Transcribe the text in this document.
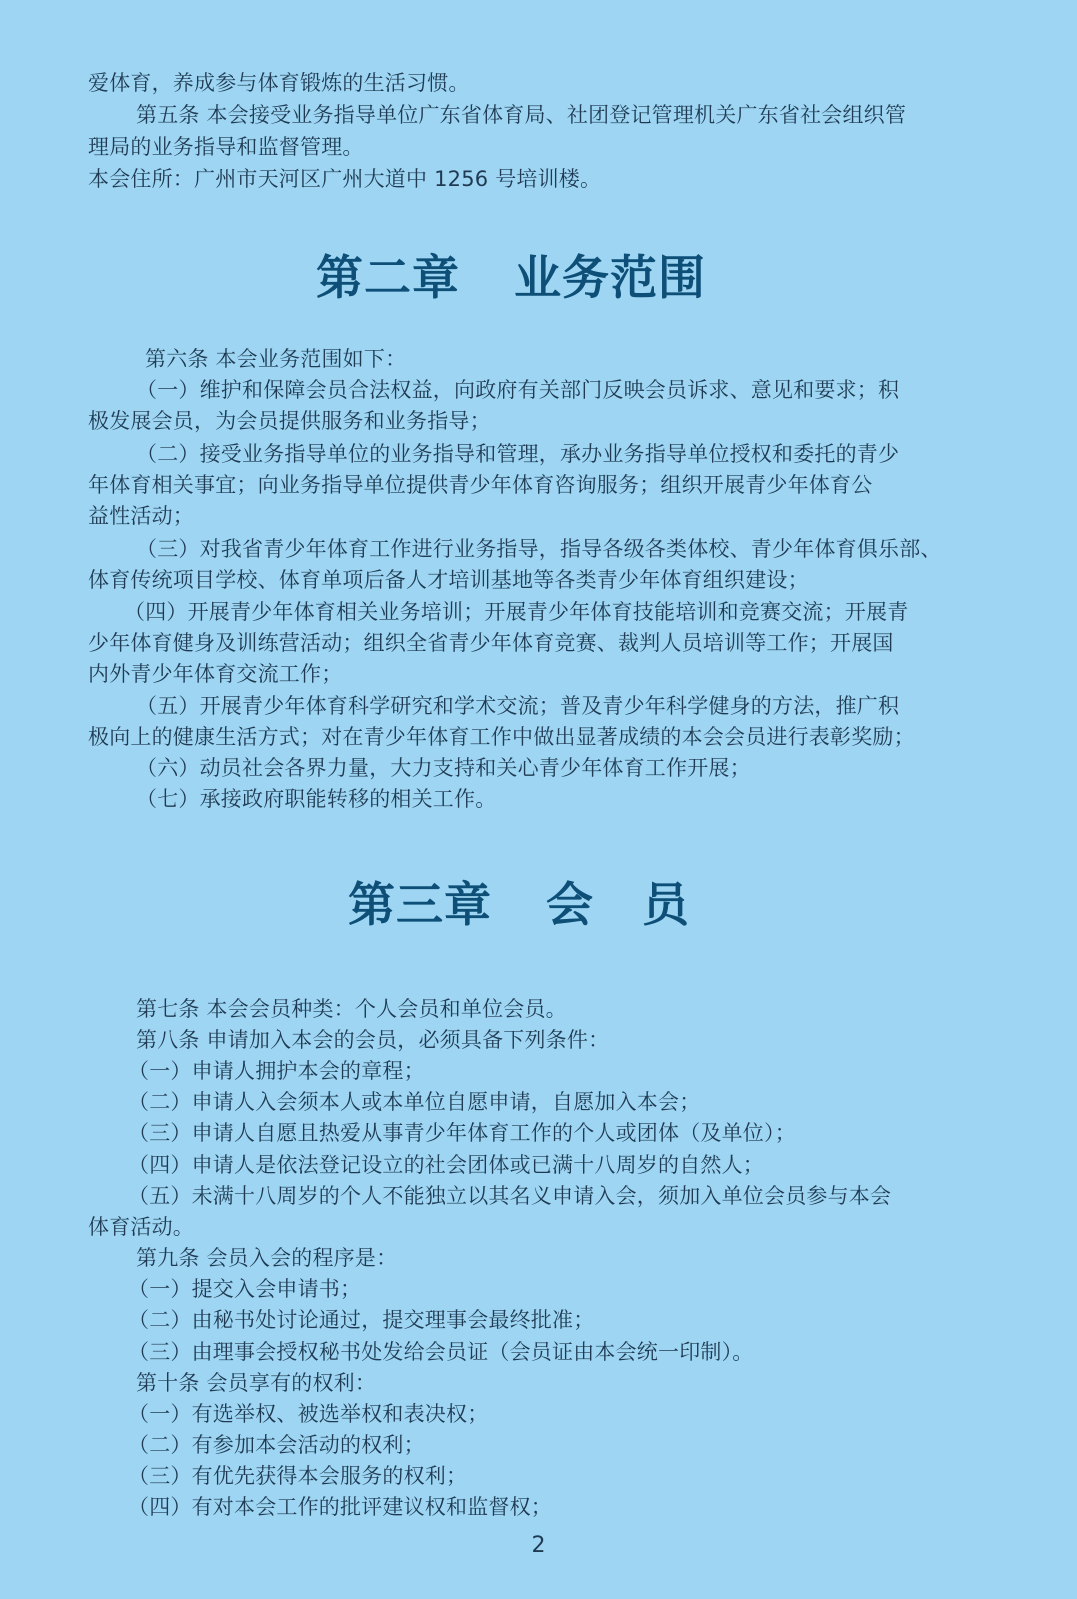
爱体育，养成参与体育锻炼的生活习惯。
第五条 本会接受业务指导单位广东省体育局、社团登记管理机关广东省社会组织管
理局的业务指导和监督管理。
本会住所：广州市天河区广州大道中 1256 号培训楼。
第二章 业务范围
第六条 本会业务范围如下：
（一）维护和保障会员合法权益，向政府有关部门反映会员诉求、意见和要求；积
极发展会员，为会员提供服务和业务指导；
（二）接受业务指导单位的业务指导和管理，承办业务指导单位授权和委托的青少
年体育相关事宜；向业务指导单位提供青少年体育咨询服务；组织开展青少年体育公
益性活动；
（三）对我省青少年体育工作进行业务指导，指导各级各类体校、青少年体育俱乐部、
体育传统项目学校、体育单项后备人才培训基地等各类青少年体育组织建设；
（四）开展青少年体育相关业务培训；开展青少年体育技能培训和竞赛交流；开展青
少年体育健身及训练营活动；组织全省青少年体育竞赛、裁判人员培训等工作；开展国
内外青少年体育交流工作；
（五）开展青少年体育科学研究和学术交流；普及青少年科学健身的方法，推广积
极向上的健康生活方式；对在青少年体育工作中做出显著成绩的本会会员进行表彰奖励；
（六）动员社会各界力量，大力支持和关心青少年体育工作开展；
（七）承接政府职能转移的相关工作。
第三章 会　员
第七条 本会会员种类：个人会员和单位会员。
第八条 申请加入本会的会员，必须具备下列条件：
（一）申请人拥护本会的章程；
（二）申请人入会须本人或本单位自愿申请，自愿加入本会；
（三）申请人自愿且热爱从事青少年体育工作的个人或团体（及单位）；
（四）申请人是依法登记设立的社会团体或已满十八周岁的自然人；
（五）未满十八周岁的个人不能独立以其名义申请入会，须加入单位会员参与本会
体育活动。
第九条 会员入会的程序是：
（一）提交入会申请书；
（二）由秘书处讨论通过，提交理事会最终批准；
（三）由理事会授权秘书处发给会员证（会员证由本会统一印制）。
第十条 会员享有的权利：
（一）有选举权、被选举权和表决权；
（二）有参加本会活动的权利；
（三）有优先获得本会服务的权利；
（四）有对本会工作的批评建议权和监督权；
2
